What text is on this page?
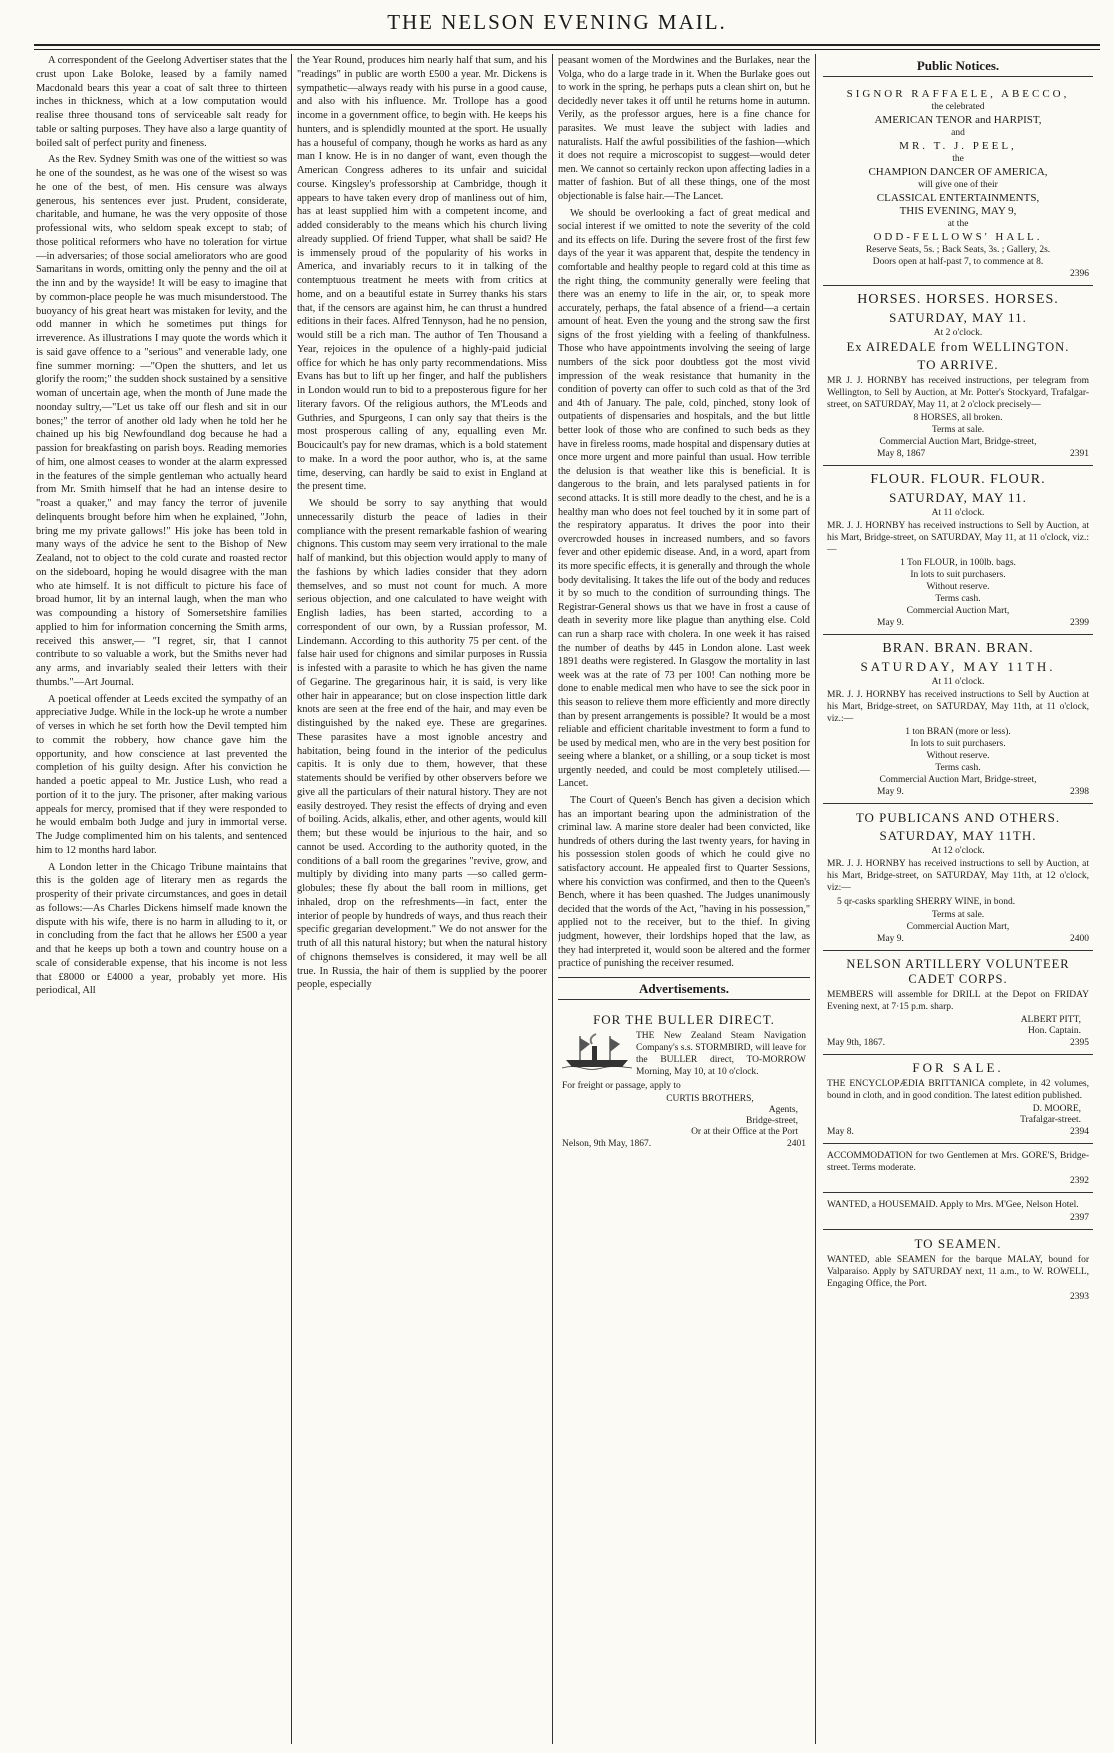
THE NELSON EVENING MAIL.

A correspondent of the Geelong Advertiser states that the crust upon Lake Boloke, leased by a family named Macdonald bears this year a coat of salt three to thirteen inches in thickness, which at a low computation would realise three thousand tons of serviceable salt ready for table or salting purposes. They have also a large quantity of boiled salt of perfect purity and fineness.

As the Rev. Sydney Smith was one of the wittiest so was he one of the soundest, as he was one of the wisest so was he one of the best, of men. His censure was always generous, his sentences ever just. Prudent, considerate, charitable, and humane, he was the very opposite of those professional wits, who seldom speak except to stab; of those political reformers who have no toleration for virtue—in adversaries; of those social ameliorators who are good Samaritans in words, omitting only the penny and the oil at the inn and by the wayside! It will be easy to imagine that by common-place people he was much misunderstood. The buoyancy of his great heart was mistaken for levity, and the odd manner in which he sometimes put things for irreverence. As illustrations I may quote the words which it is said gave offence to a "serious" and venerable lady, one fine summer morning: —"Open the shutters, and let us glorify the room;" the sudden shock sustained by a sensitive woman of uncertain age, when the month of June made the noonday sultry,—"Let us take off our flesh and sit in our bones;" the terror of another old lady when he told her he chained up his big Newfoundland dog because he had a passion for breakfasting on parish boys. Reading memories of him, one almost ceases to wonder at the alarm expressed in the features of the simple gentleman who actually heard from Mr. Smith himself that he had an intense desire to "roast a quaker," and may fancy the terror of juvenile delinquents brought before him when he explained, "John, bring me my private gallows!" His joke has been told in many ways of the advice he sent to the Bishop of New Zealand, not to object to the cold curate and roasted rector on the sideboard, hoping he would disagree with the man who ate himself. It is not difficult to picture his face of broad humor, lit by an internal laugh, when the man who was compounding a history of Somersetshire families applied to him for information concerning the Smith arms, received this answer,— "I regret, sir, that I cannot contribute to so valuable a work, but the Smiths never had any arms, and invariably sealed their letters with their thumbs."—Art Journal.

A poetical offender at Leeds excited the sympathy of an appreciative Judge. While in the lock-up he wrote a number of verses in which he set forth how the Devil tempted him to commit the robbery, how chance gave him the opportunity, and how conscience at last prevented the completion of his guilty design. After his conviction he handed a poetic appeal to Mr. Justice Lush, who read a portion of it to the jury. The prisoner, after making various appeals for mercy, promised that if they were responded to he would embalm both Judge and jury in immortal verse. The Judge complimented him on his talents, and sentenced him to 12 months hard labor.

A London letter in the Chicago Tribune maintains that this is the golden age of literary men as regards the prosperity of their private circumstances, and goes in detail as follows:—As Charles Dickens himself made known the dispute with his wife, there is no harm in alluding to it, or in concluding from the fact that he allows her £500 a year and that he keeps up both a town and country house on a scale of considerable expense, that his income is not less that £8000 or £4000 a year, probably yet more. His periodical, All

the Year Round, produces him nearly half that sum, and his "readings" in public are worth £500 a year. Mr. Dickens is sympathetic—always ready with his purse in a good cause, and also with his influence. Mr. Trollope has a good income in a government office, to begin with. He keeps his hunters, and is splendidly mounted at the sport. He usually has a houseful of company, though he works as hard as any man I know. He is in no danger of want, even though the American Congress adheres to its unfair and suicidal course. Kingsley's professorship at Cambridge, though it appears to have taken every drop of manliness out of him, has at least supplied him with a competent income, and added considerably to the means which his church living already supplied. Of friend Tupper, what shall be said? He is immensely proud of the popularity of his works in America, and invariably recurs to it in talking of the contemptuous treatment he meets with from critics at home, and on a beautiful estate in Surrey thanks his stars that, if the censors are against him, he can thrust a hundred editions in their faces. Alfred Tennyson, had he no pension, would still be a rich man. The author of Ten Thousand a Year, rejoices in the opulence of a highly-paid judicial office for which he has only party recommendations. Miss Evans has but to lift up her finger, and half the publishers in London would run to bid to a preposterous figure for her literary favors. Of the religious authors, the M'Leods and Guthries, and Spurgeons, I can only say that theirs is the most prosperous calling of any, equalling even Mr. Boucicault's pay for new dramas, which is a bold statement to make. In a word the poor author, who is, at the same time, deserving, can hardly be said to exist in England at the present time.

We should be sorry to say anything that would unnecessarily disturb the peace of ladies in their compliance with the present remarkable fashion of wearing chignons. This custom may seem very irrational to the male half of mankind, but this objection would apply to many of the fashions by which ladies consider that they adorn themselves, and so must not count for much. A more serious objection, and one calculated to have weight with English ladies, has been started, according to a correspondent of our own, by a Russian professor, M. Lindemann. According to this authority 75 per cent. of the false hair used for chignons and similar purposes in Russia is infested with a parasite to which he has given the name of Gegarine. The gregarinous hair, it is said, is very like other hair in appearance; but on close inspection little dark knots are seen at the free end of the hair, and may even be distinguished by the naked eye. These are gregarines. These parasites have a most ignoble ancestry and habitation, being found in the interior of the pediculus capitis. It is only due to them, however, that these statements should be verified by other observers before we give all the particulars of their natural history. They are not easily destroyed. They resist the effects of drying and even of boiling. Acids, alkalis, ether, and other agents, would kill them; but these would be injurious to the hair, and so cannot be used. According to the authority quoted, in the conditions of a ball room the gregarines "revive, grow, and multiply by dividing into many parts —so called germ-globules; these fly about the ball room in millions, get inhaled, drop on the refreshments—in fact, enter the interior of people by hundreds of ways, and thus reach their specific gregarian development." We do not answer for the truth of all this natural history; but when the natural history of chignons themselves is considered, it may well be all true. In Russia, the hair of them is supplied by the poorer people, especially

peasant women of the Mordwines and the Burlakes, near the Volga, who do a large trade in it. When the Burlake goes out to work in the spring, he perhaps puts a clean shirt on, but he decidedly never takes it off until he returns home in autumn. Verily, as the professor argues, here is a fine chance for parasites. We must leave the subject with ladies and naturalists. Half the awful possibilities of the fashion—which it does not require a microscopist to suggest—would deter men. We cannot so certainly reckon upon affecting ladies in a matter of fashion. But of all these things, one of the most objectionable is false hair.—The Lancet.

We should be overlooking a fact of great medical and social interest if we omitted to note the severity of the cold and its effects on life. During the severe frost of the first few days of the year it was apparent that, despite the tendency in comfortable and healthy people to regard cold at this time as the right thing, the community generally were feeling that there was an enemy to life in the air, or, to speak more accurately, perhaps, the fatal absence of a friend—a certain amount of heat. Even the young and the strong saw the first signs of the frost yielding with a feeling of thankfulness. Those who have appointments involving the seeing of large numbers of the sick poor doubtless got the most vivid impression of the weak resistance that humanity in the condition of poverty can offer to such cold as that of the 3rd and 4th of January. The pale, cold, pinched, stony look of outpatients of dispensaries and hospitals, and the but little better look of those who are confined to such beds as they have in fireless rooms, made hospital and dispensary duties at once more urgent and more painful than usual. How terrible the delusion is that weather like this is beneficial. It is dangerous to the brain, and lets paralysed patients in for second attacks. It is still more deadly to the chest, and he is a healthy man who does not feel touched by it in some part of the respiratory apparatus. It drives the poor into their overcrowded houses in increased numbers, and so favors fever and other epidemic disease. And, in a word, apart from its more specific effects, it is generally and through the whole body devitalising. It takes the life out of the body and reduces it by so much to the condition of surrounding things. The Registrar-General shows us that we have in frost a cause of death in severity more like plague than anything else. Cold can run a sharp race with cholera. In one week it has raised the number of deaths by 445 in London alone. Last week 1891 deaths were registered. In Glasgow the mortality in last week was at the rate of 73 per 100! Can nothing more be done to enable medical men who have to see the sick poor in this season to relieve them more efficiently and more directly than by present arrangements is possible? It would be a most reliable and efficient charitable investment to form a fund to be used by medical men, who are in the very best position for seeing where a blanket, or a shilling, or a soup ticket is most urgently needed, and could be most completely utilised.—Lancet.

The Court of Queen's Bench has given a decision which has an important bearing upon the administration of the criminal law. A marine store dealer had been convicted, like hundreds of others during the last twenty years, for having in his possession stolen goods of which he could give no satisfactory account. He appealed first to Quarter Sessions, where his conviction was confirmed, and then to the Queen's Bench, where it has been quashed. The Judges unanimously decided that the words of the Act, "having in his possession," applied not to the receiver, but to the thief. In giving judgment, however, their lordships hoped that the law, as they had interpreted it, would soon be altered and the former practice of punishing the receiver resumed.

Advertisements.
FOR THE BULLER DIRECT.
THE New Zealand Steam Navigation Company's s.s. STORMBIRD, will leave for the BULLER direct, TO-MORROW Morning, May 10, at 10 o'clock.
For freight or passage, apply to
CURTIS BROTHERS,
Agents,
Bridge-street,
Or at their Office at the Port
Nelson, 9th May, 1867.	2401
Public Notices.
SIGNOR RAFFAELE, ABECCO,
the celebrated
AMERICAN TENOR and HARPIST,
and
MR. T. J. PEEL,
the
CHAMPION DANCER OF AMERICA,
will give one of their
CLASSICAL ENTERTAINMENTS,
THIS EVENING, MAY 9,
at the
ODD-FELLOWS' HALL.
Reserve Seats, 5s. ; Back Seats, 3s. ; Gallery, 2s.
Doors open at half-past 7, to commence at 8.
2396
HORSES. HORSES. HORSES.
SATURDAY, MAY 11.
At 2 o'clock.
Ex AIREDALE from WELLINGTON.
TO ARRIVE.
MR J. J. HORNBY has received instructions, per telegram from Wellington, to Sell by Auction, at Mr. Potter's Stockyard, Trafalgar-street, on SATURDAY, May 11, at 2 o'clock precisely—
8 HORSES, all broken.
Terms at sale.
Commercial Auction Mart, Bridge-street,
May 8, 1867	2391
FLOUR. FLOUR. FLOUR.
SATURDAY, MAY 11.
At 11 o'clock.
MR. J. J. HORNBY has received instructions to Sell by Auction, at his Mart, Bridge-street, on SATURDAY, May 11, at 11 o'clock, viz.:—
1 Ton FLOUR, in 100lb. bags.
In lots to suit purchasers.
Without reserve.
Terms cash.
Commercial Auction Mart,
May 9.	2399
BRAN. BRAN. BRAN.
SATURDAY, MAY 11TH.
At 11 o'clock.
MR. J. J. HORNBY has received instructions to Sell by Auction at his Mart, Bridge-street, on SATURDAY, May 11th, at 11 o'clock, viz.:—
1 ton BRAN (more or less).
In lots to suit purchasers.
Without reserve.
Terms cash.
Commercial Auction Mart, Bridge-street,
May 9.	2398
TO PUBLICANS AND OTHERS.
SATURDAY, MAY 11TH.
At 12 o'clock.
MR. J. J. HORNBY has received instructions to sell by Auction, at his Mart, Bridge-street, on SATURDAY, May 11th, at 12 o'clock, viz:—
5 qr-casks sparkling SHERRY WINE, in bond.
Terms at sale.
Commercial Auction Mart,
May 9.	2400
NELSON ARTILLERY VOLUNTEER CADET CORPS.
MEMBERS will assemble for DRILL at the Depot on FRIDAY Evening next, at 7·15 p.m. sharp.
ALBERT PITT,
Hon. Captain.
May 9th, 1867.	2395
FOR SALE.
THE ENCYCLOPÆDIA BRITTANICA complete, in 42 volumes, bound in cloth, and in good condition. The latest edition published.
D. MOORE,
Trafalgar-street.
May 8.	2394
ACCOMMODATION for two Gentlemen at Mrs. GORE'S, Bridge-street. Terms moderate.
2392
WANTED, a HOUSEMAID. Apply to Mrs. M'Gee, Nelson Hotel.
2397
TO SEAMEN.
WANTED, able SEAMEN for the barque MALAY, bound for Valparaiso. Apply by SATURDAY next, 11 a.m., to W. ROWELL, Engaging Office, the Port.
2393
